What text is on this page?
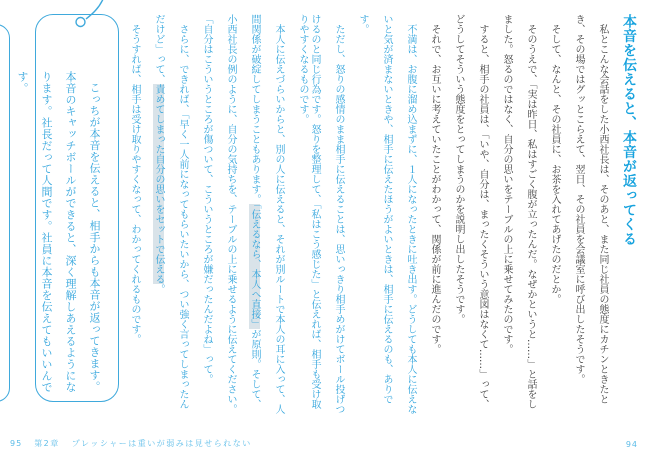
こっちが本音を伝えると、相手からも本音が返ってきます。本音のキャッチボールができると、深く理解しあえるようになります。社長だって人間です。社員に本音を伝えてもいいんです。	本音を伝えると、本音が返ってくる

私とこんな会話をした小西社長は、そのあと、また同じ社員の態度にカチンときたとき、その場ではグッとこらえて、翌日、その社員を会議室に呼び出したそうです。

そして、なんと、その社員に、お茶を入れてあげたのだとか。

そのうえで、「実は昨日、私はすごく腹が立ったんだ。なぜかというと……」と話をしました。怒るのではなく、自分の思いをテーブルの上に乗せてみたのです。

すると、相手の社員は、「いや、自分は、まったくそういう意図はなくて……」って、どうしてそういう態度をとってしまうのかを説明し出したそうです。

それで、お互いに考えていたことがわかって、関係が前に進んだのです。

不満は、お腹に溜め込まずに、１人になったときに吐き出す。どうしても本人に伝えないと気が済まないときや、相手に伝えたほうがよいときは、相手に伝えるのも、ありです。

ただし、怒りの感情のまま相手に伝えることは、思いっきり相手めがけてボール投げつけるのと同じ行為です。怒りを整理して、「私はこう感じた」と伝えれば、相手も受け取

りやすくなるものです。

本人に伝えづらいからと、別の人に伝えると、それが別ルートで本人の耳に入って、人間関係が破綻してしまうこともあります。「伝えるなら、本人へ直接」が原則。そして、小西社長の例のように、自分の気持ちを、テーブルの上に乗せるように伝えてください。「自分はこういうところが傷ついて、こういうところが嫌だったんだよね」って。

さらに、できれば、「早く一人前になってもらいたいから、つい強く言ってしまったんだけど」って、責めてしまった自分の思いをセットで伝える。

そうすれば、相手は受け取りやすくなって、わかってくれるものです。

95 第2章 プレッシャーは重いが弱みは見せられない	94
